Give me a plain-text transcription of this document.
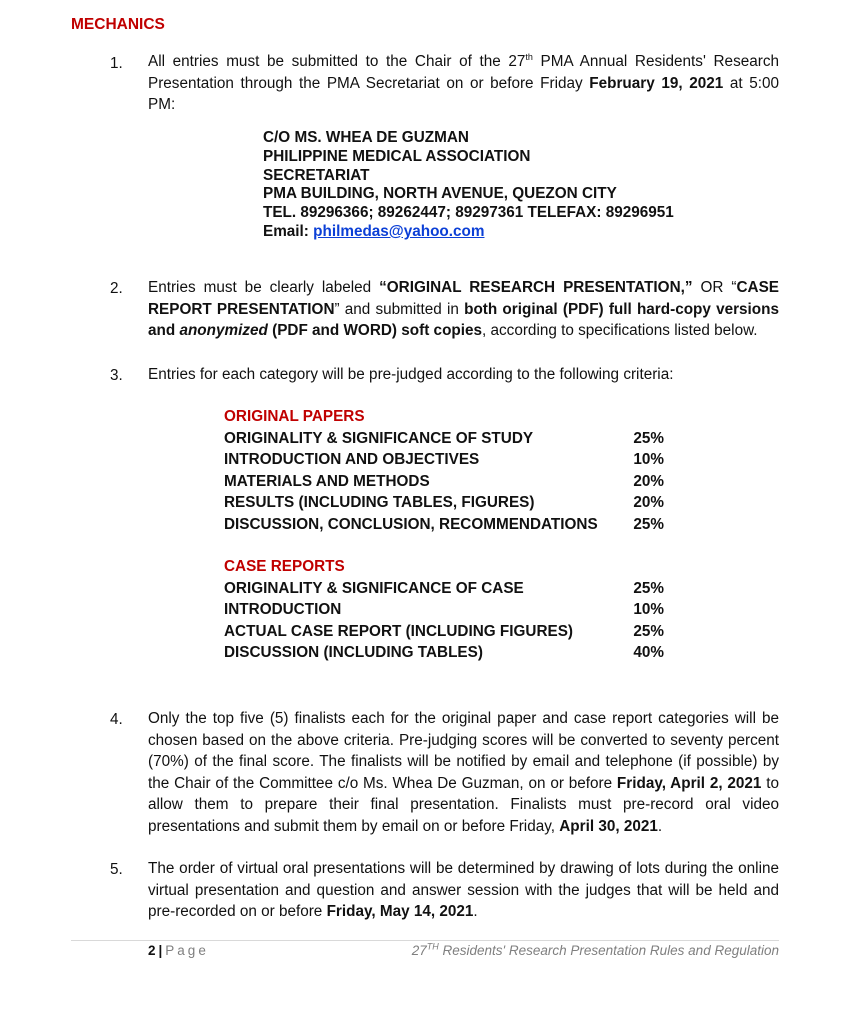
MECHANICS
1. All entries must be submitted to the Chair of the 27th PMA Annual Residents' Research Presentation through the PMA Secretariat on or before Friday February 19, 2021 at 5:00 PM:
C/O MS. WHEA DE GUZMAN
PHILIPPINE MEDICAL ASSOCIATION
SECRETARIAT
PMA BUILDING, NORTH AVENUE, QUEZON CITY
TEL. 89296366; 89262447; 89297361 TELEFAX: 89296951
Email: philmedas@yahoo.com
2. Entries must be clearly labeled “ORIGINAL RESEARCH PRESENTATION,” OR “CASE REPORT PRESENTATION” and submitted in both original (PDF) full hard-copy versions and anonymized (PDF and WORD) soft copies, according to specifications listed below.
3. Entries for each category will be pre-judged according to the following criteria:
ORIGINAL PAPERS
ORIGINALITY & SIGNIFICANCE OF STUDY	25%
INTRODUCTION AND OBJECTIVES	10%
MATERIALS AND METHODS	20%
RESULTS (INCLUDING TABLES, FIGURES)	20%
DISCUSSION, CONCLUSION, RECOMMENDATIONS	25%
CASE REPORTS
ORIGINALITY & SIGNIFICANCE OF CASE	25%
INTRODUCTION	10%
ACTUAL CASE REPORT (INCLUDING FIGURES)	25%
DISCUSSION (INCLUDING TABLES)	40%
4. Only the top five (5) finalists each for the original paper and case report categories will be chosen based on the above criteria. Pre-judging scores will be converted to seventy percent (70%) of the final score. The finalists will be notified by email and telephone (if possible) by the Chair of the Committee c/o Ms. Whea De Guzman, on or before Friday, April 2, 2021 to allow them to prepare their final presentation. Finalists must pre-record oral video presentations and submit them by email on or before Friday, April 30, 2021.
5. The order of virtual oral presentations will be determined by drawing of lots during the online virtual presentation and question and answer session with the judges that will be held and pre-recorded on or before Friday, May 14, 2021.
2 | Page	27TH Residents' Research Presentation Rules and Regulation
